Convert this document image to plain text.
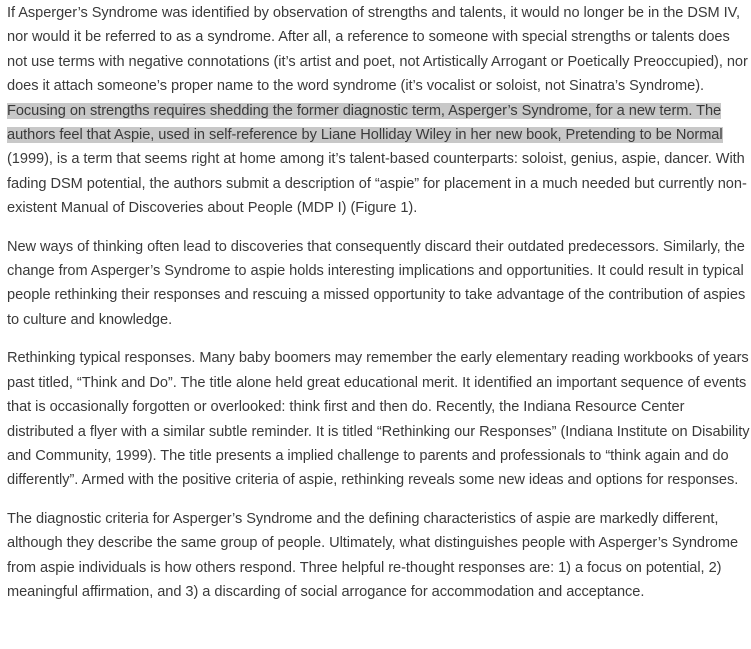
If Asperger’s Syndrome was identified by observation of strengths and talents, it would no longer be in the DSM IV, nor would it be referred to as a syndrome. After all, a reference to someone with special strengths or talents does not use terms with negative connotations (it’s artist and poet, not Artistically Arrogant or Poetically Preoccupied), nor does it attach someone’s proper name to the word syndrome (it’s vocalist or soloist, not Sinatra’s Syndrome). Focusing on strengths requires shedding the former diagnostic term, Asperger’s Syndrome, for a new term. The authors feel that Aspie, used in self-reference by Liane Holliday Wiley in her new book, Pretending to be Normal (1999), is a term that seems right at home among it’s talent-based counterparts: soloist, genius, aspie, dancer. With fading DSM potential, the authors submit a description of “aspie” for placement in a much needed but currently non-existent Manual of Discoveries about People (MDP I) (Figure 1).

New ways of thinking often lead to discoveries that consequently discard their outdated predecessors. Similarly, the change from Asperger’s Syndrome to aspie holds interesting implications and opportunities. It could result in typical people rethinking their responses and rescuing a missed opportunity to take advantage of the contribution of aspies to culture and knowledge.

Rethinking typical responses. Many baby boomers may remember the early elementary reading workbooks of years past titled, “Think and Do”. The title alone held great educational merit. It identified an important sequence of events that is occasionally forgotten or overlooked: think first and then do. Recently, the Indiana Resource Center distributed a flyer with a similar subtle reminder. It is titled “Rethinking our Responses” (Indiana Institute on Disability and Community, 1999). The title presents a implied challenge to parents and professionals to “think again and do differently”. Armed with the positive criteria of aspie, rethinking reveals some new ideas and options for responses.

The diagnostic criteria for Asperger’s Syndrome and the defining characteristics of aspie are markedly different, although they describe the same group of people. Ultimately, what distinguishes people with Asperger’s Syndrome from aspie individuals is how others respond. Three helpful re-thought responses are: 1) a focus on potential, 2) meaningful affirmation, and 3) a discarding of social arrogance for accommodation and acceptance.
